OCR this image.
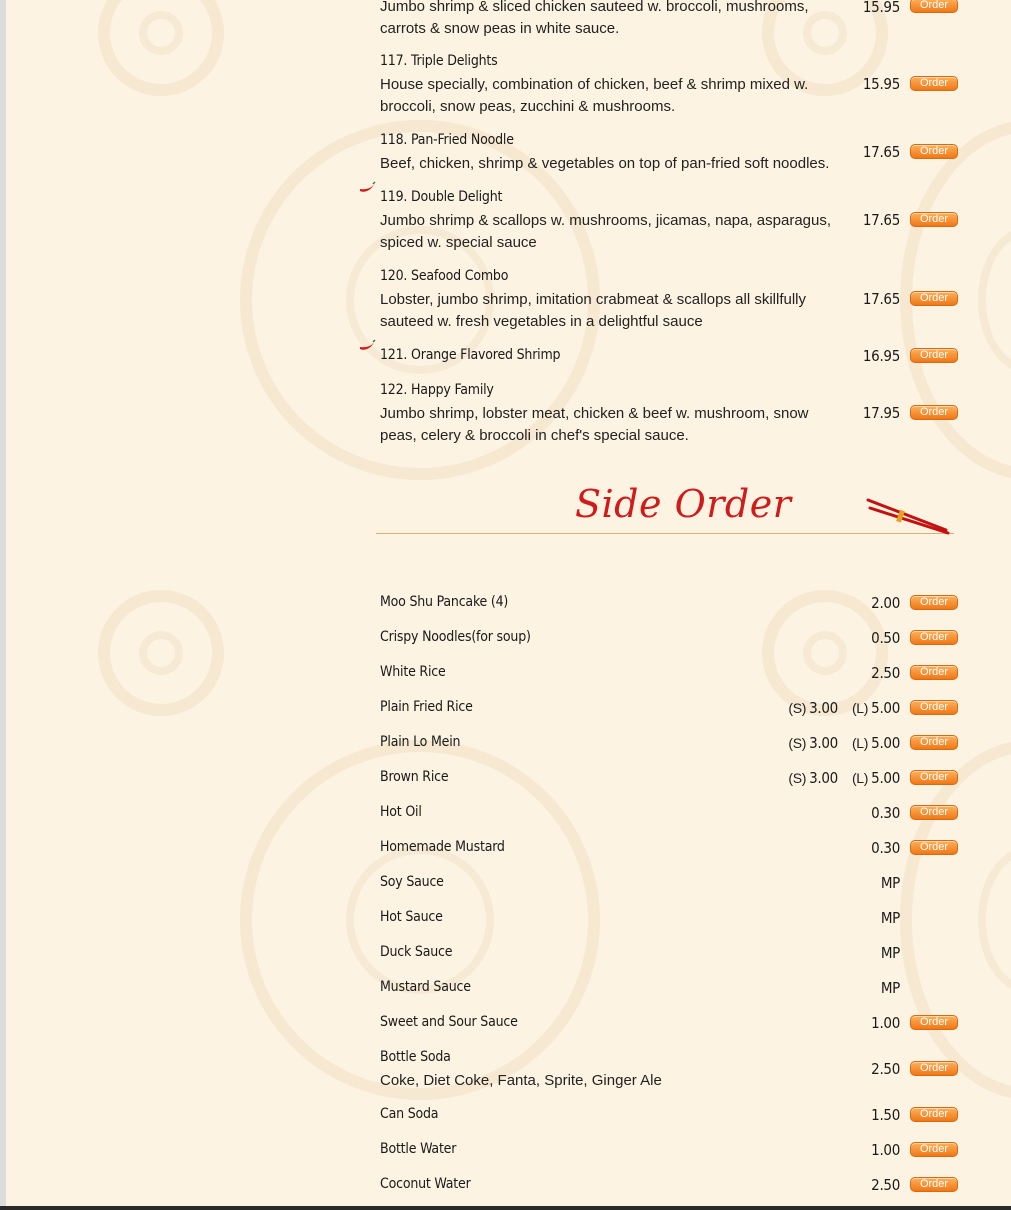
Jumbo shrimp & sliced chicken sauteed w. broccoli, mushrooms, carrots & snow peas in white sauce.
15.95	Order
117. Triple Delights
House specially, combination of chicken, beef & shrimp mixed w. broccoli, snow peas, zucchini & mushrooms.
15.95	Order
118. Pan-Fried Noodle
Beef, chicken, shrimp & vegetables on top of pan-fried soft noodles.
17.65	Order
119. Double Delight
Jumbo shrimp & scallops w. mushrooms, jicamas, napa, asparagus, spiced w. special sauce
17.65	Order
120. Seafood Combo
Lobster, jumbo shrimp, imitation crabmeat & scallops all skillfully sauteed w. fresh vegetables in a delightful sauce
17.65	Order
121. Orange Flavored Shrimp	16.95	Order
122. Happy Family
Jumbo shrimp, lobster meat, chicken & beef w. mushroom, snow peas, celery & broccoli in chef's special sauce.
17.95	Order
Side Order
Moo Shu Pancake (4)	2.00	Order
Crispy Noodles(for soup)	0.50	Order
White Rice	2.50	Order
Plain Fried Rice	(S) 3.00 (L) 5.00	Order
Plain Lo Mein	(S) 3.00 (L) 5.00	Order
Brown Rice	(S) 3.00 (L) 5.00	Order
Hot Oil	0.30	Order
Homemade Mustard	0.30	Order
Soy Sauce	MP
Hot Sauce	MP
Duck Sauce	MP
Mustard Sauce	MP
Sweet and Sour Sauce	1.00	Order
Bottle Soda
Coke, Diet Coke, Fanta, Sprite, Ginger Ale
2.50	Order
Can Soda	1.50	Order
Bottle Water	1.00	Order
Coconut Water	2.50	Order
